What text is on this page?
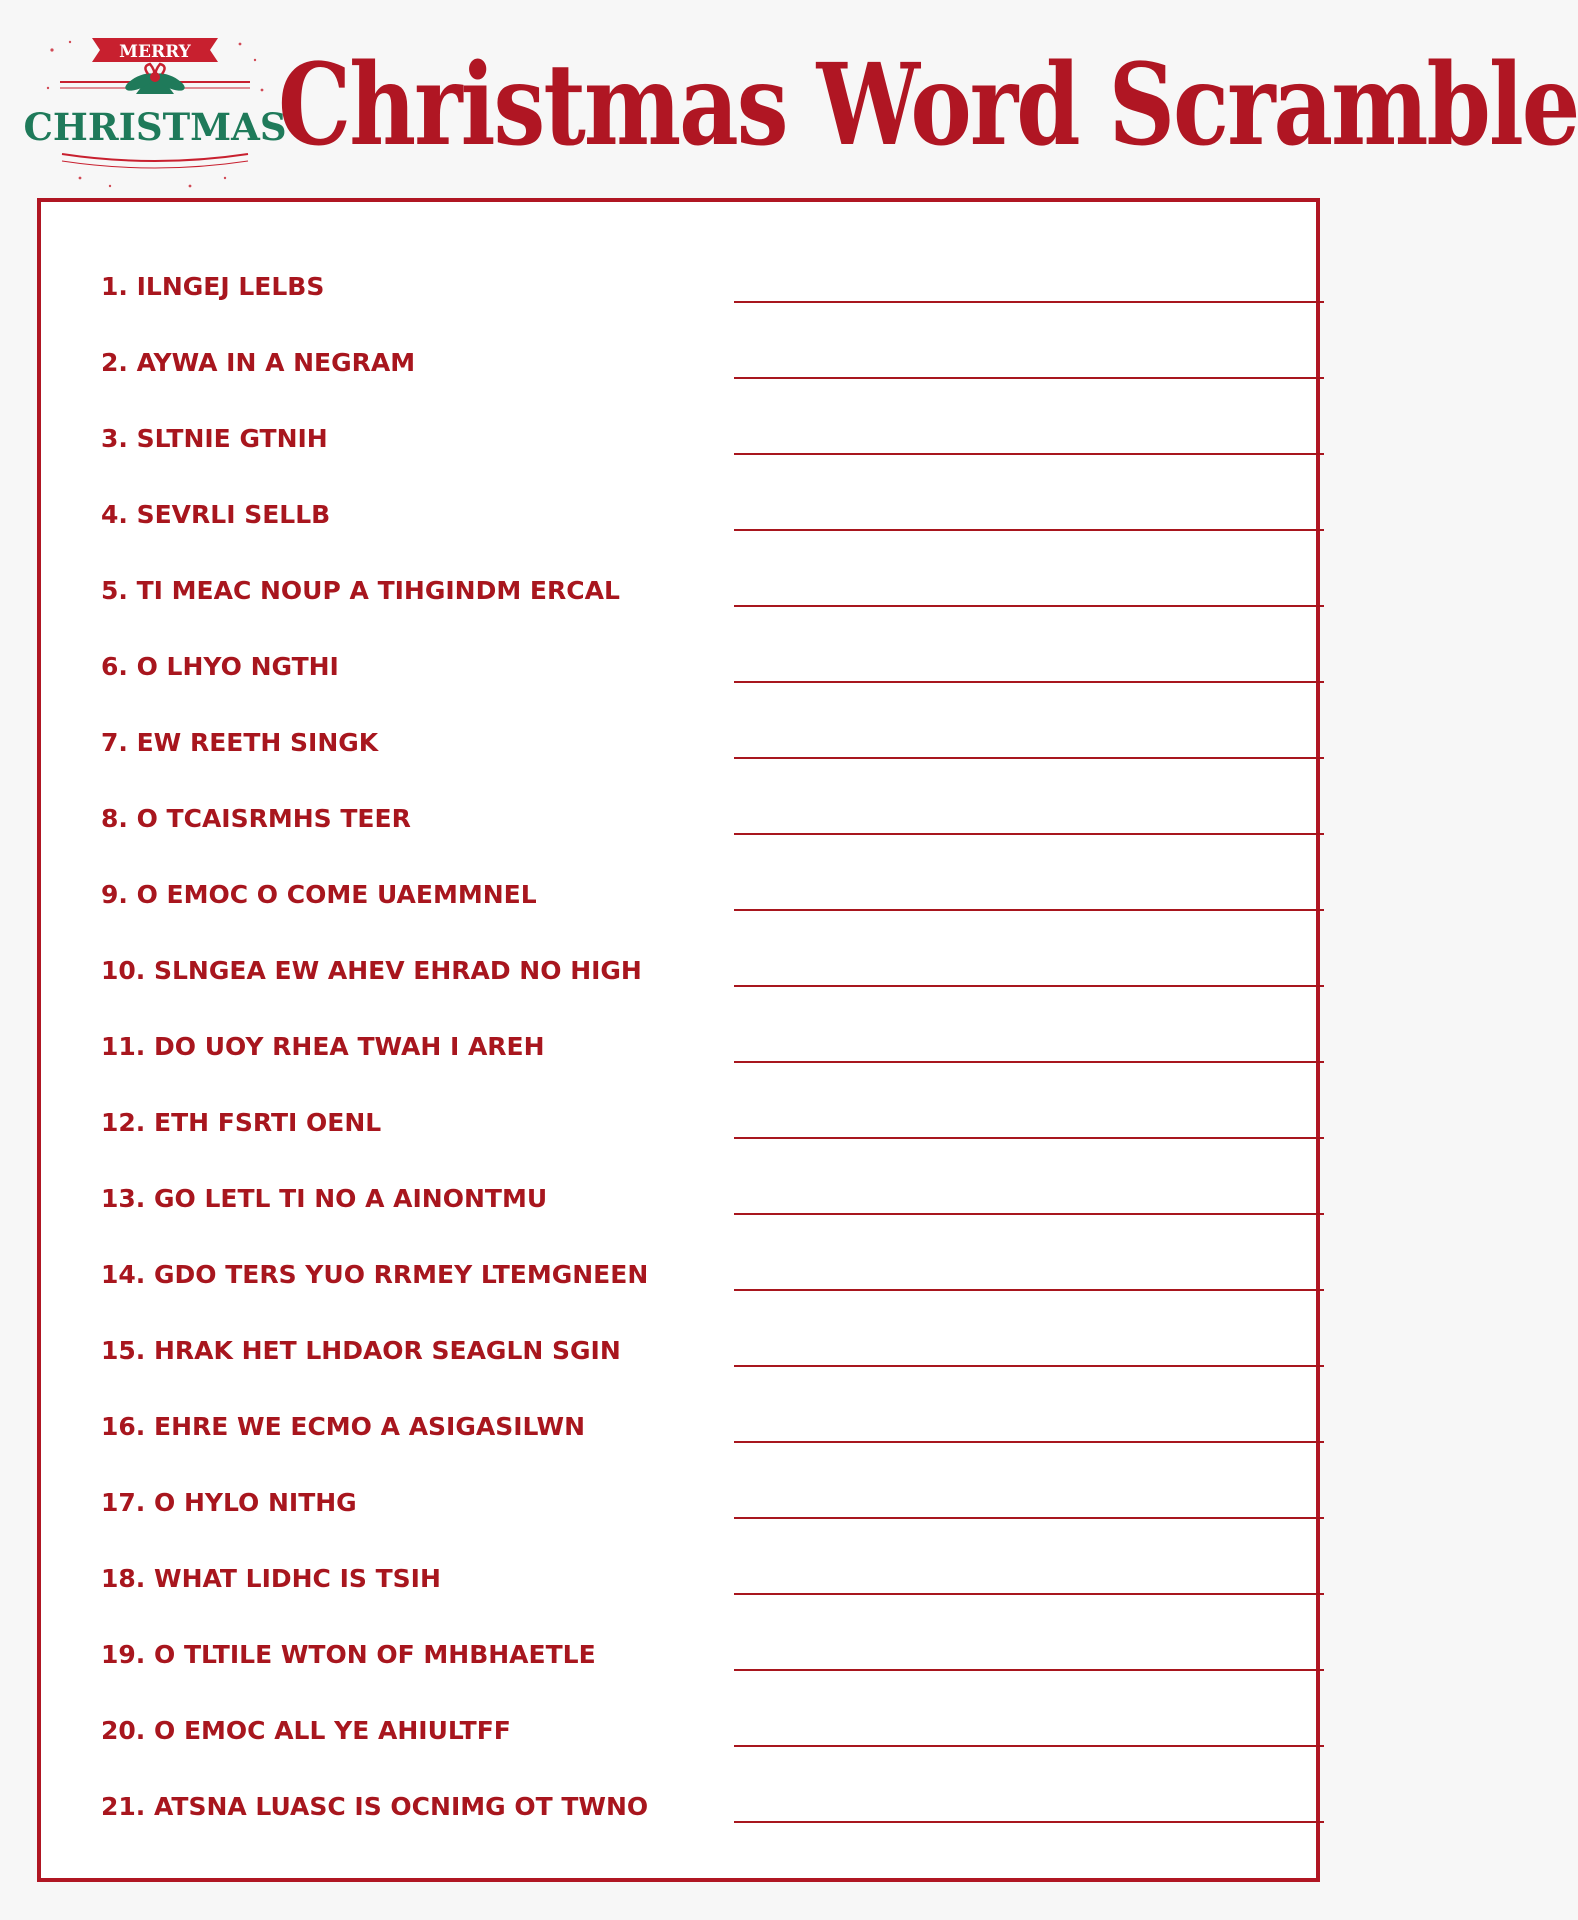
MERRY
CHRISTMAS
Christmas Word Scramble
1. ILNGEJ LELBS
2. AYWA IN A NEGRAM
3. SLTNIE GTNIH
4. SEVRLI SELLB
5. TI MEAC NOUP A TIHGINDM ERCAL
6. O LHYO NGTHI
7. EW REETH SINGK
8. O TCAISRMHS TEER
9. O EMOC O COME UAEMMNEL
10. SLNGEA EW AHEV EHRAD NO HIGH
11. DO UOY RHEA TWAH I AREH
12. ETH FSRTI OENL
13. GO LETL TI NO A AINONTMU
14. GDO TERS YUO RRMEY LTEMGNEEN
15. HRAK HET LHDAOR SEAGLN SGIN
16. EHRE WE ECMO A ASIGASILWN
17. O HYLO NITHG
18. WHAT LIDHC IS TSIH
19. O TLTILE WTON OF MHBHAETLE
20. O EMOC ALL YE AHIULTFF
21. ATSNA LUASC IS OCNIMG OT TWNO
